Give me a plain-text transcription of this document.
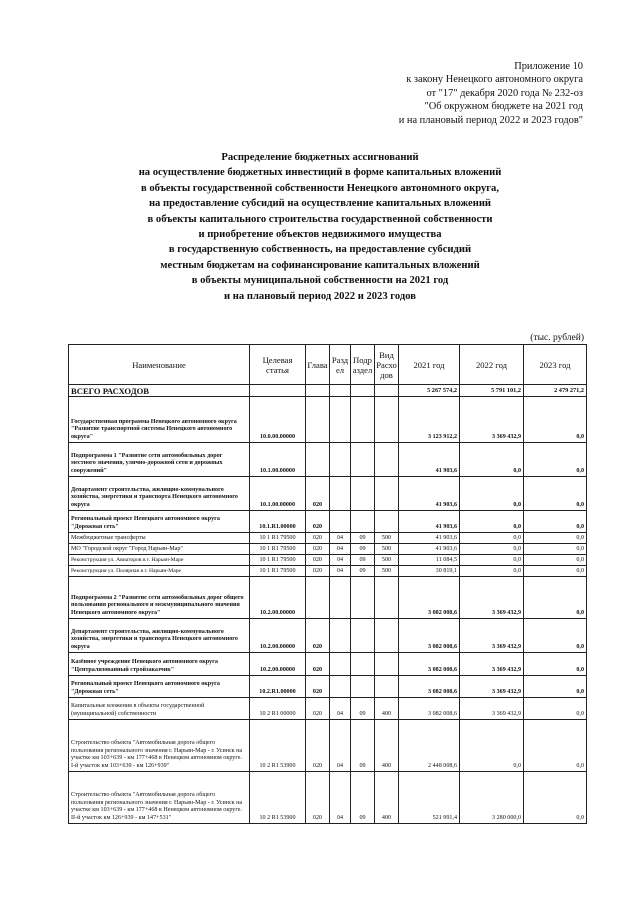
Приложение 10
к закону Ненецкого автономного округа
от "17" декабря 2020 года № 232-оз
"Об окружном бюджете на 2021 год
и на плановый период 2022 и 2023 годов"
Распределение бюджетных ассигнований
на осуществление бюджетных инвестиций в форме капитальных вложений
в объекты государственной собственности Ненецкого автономного округа,
на предоставление субсидий на осуществление капитальных вложений
в объекты капитального строительства государственной собственности
и приобретение объектов недвижимого имущества
в государственную собственность, на предоставление субсидий
местным бюджетам на софинансирование капитальных вложений
в объекты муниципальной собственности на 2021 год
и на плановый период 2022 и 2023 годов
(тыс. рублей)
Наименование	Целевая статья	Глава	Разд ел	Подр аздел	Вид Расхо дов	2021 год	2022 год	2023 год
ВСЕГО РАСХОДОВ						5 267 574,2	5 791 101,2	2 479 271,2
Государственная программа Ненецкого автономного округа "Развитие транспортной системы Ненецкого автономного округа"	10.0.00.00000					3 123 912,2	3 369 432,9	0,0
Подпрограмма 1 "Развитие сети автомобильных дорог местного значения, улично-дорожной сети и дорожных сооружений"	10.1.00.00000					41 903,6	0,0	0,0
Департамент строительства, жилищно-коммунального хозяйства, энергетики и транспорта Ненецкого автономного округа	10.1.00.00000	020				41 903,6	0,0	0,0
Региональный проект Ненецкого автономного округа "Дорожная сеть"	10.1.R1.00000	020				41 903,6	0,0	0,0
Межбюджетные трансферты	10 1 R1 79500	020	04	09	500	41 903,6	0,0	0,0
МО "Городской округ "Город Нарьян-Мар"	10 1 R1 79500	020	04	09	500	41 903,6	0,0	0,0
Реконструкция ул. Авиаторов в г. Нарьян-Маре	10 1 R1 79500	020	04	09	500	11 084,5	0,0	0,0
Реконструкция ул. Полярная в г. Нарьян-Маре	10 1 R1 79500	020	04	09	500	30 819,1	0,0	0,0
Подпрограмма 2 "Развитие сети автомобильных дорог общего пользования регионального и межмуниципального значения Ненецкого автономного округа"	10.2.00.00000					3 082 008,6	3 369 432,9	0,0
Департамент строительства, жилищно-коммунального хозяйства, энергетики и транспорта Ненецкого автономного округа	10.2.00.00000	020				3 082 008,6	3 369 432,9	0,0
Казённое учреждение Ненецкого автономного округа "Централизованный стройзаказчик"	10.2.00.00000	020				3 082 008,6	3 369 432,9	0,0
Региональный проект Ненецкого автономного округа "Дорожная сеть"	10.2.R1.00000	020				3 082 008,6	3 369 432,9	0,0
Капитальные вложения в объекты государственной (муниципальной) собственности	10 2 R1 00000	020	04	09	400	3 082 008,6	3 369 432,9	0,0
Строительство объекта "Автомобильная дорога общего пользования регионального значения г. Нарьян-Мар - г. Усинск на участке км 103+639 - км 177+468 в Ненецком автономном округе. I-й участок км 103+639 - км 126+939"	10 2 R1 53900	020	04	09	400	2 448 008,6	0,0	0,0
Строительство объекта "Автомобильная дорога общего пользования регионального значения г. Нарьян-Мар - г. Усинск на участке км 103+639 - км 177+468 в Ненецком автономном округе. II-й участок км 126+939 - км 147+531"	10 2 R1 53900	020	04	09	400	521 991,4	3 280 000,0	0,0
